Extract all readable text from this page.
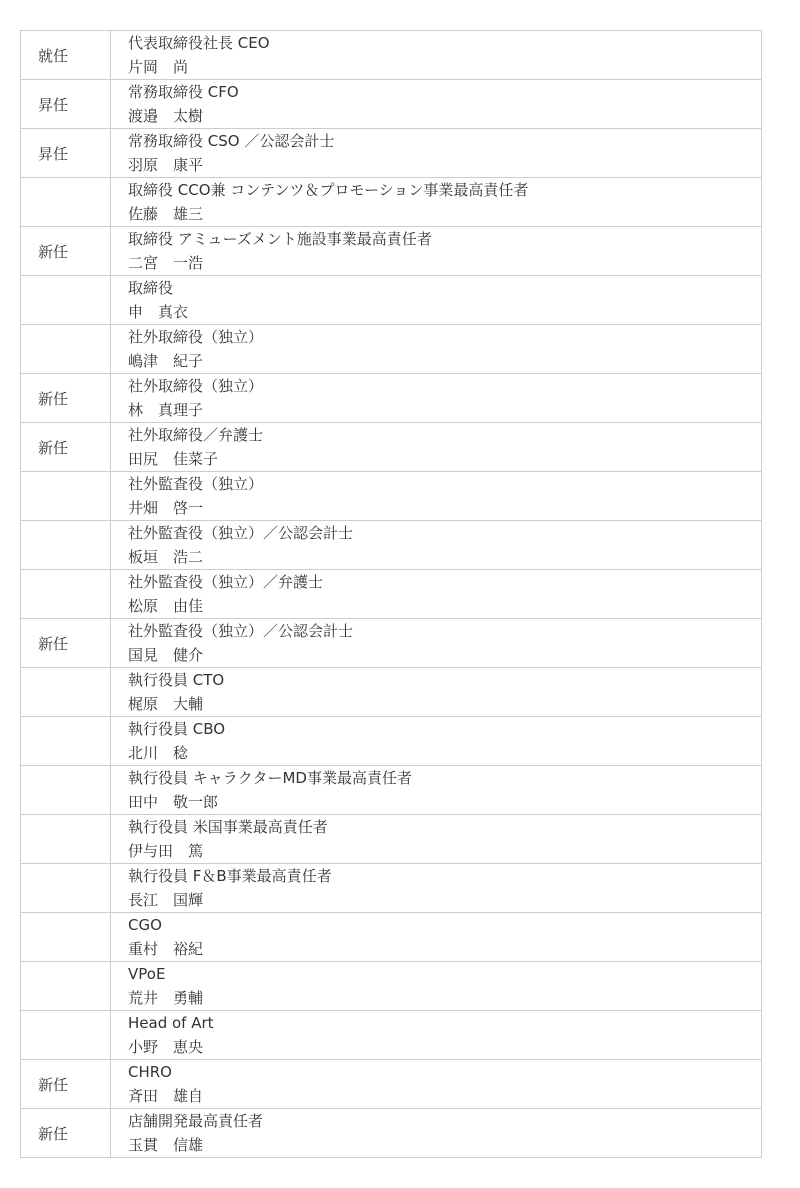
就任	代表取締役社長 CEO
片岡　尚

昇任	常務取締役 CFO
渡邉　太樹

昇任	常務取締役 CSO ／公認会計士
羽原　康平

	取締役 CCO兼 コンテンツ＆プロモーション事業最高責任者
佐藤　雄三

新任	取締役 アミューズメント施設事業最高責任者
二宮　一浩

	取締役
申　真衣

	社外取締役（独立）
嶋津　紀子

新任	社外取締役（独立）
林　真理子

新任	社外取締役／弁護士
田尻　佳菜子

	社外監査役（独立）
井畑　啓一

	社外監査役（独立）／公認会計士
板垣　浩二

	社外監査役（独立）／弁護士
松原　由佳

新任	社外監査役（独立）／公認会計士
国見　健介

	執行役員 CTO
梶原　大輔

	執行役員 CBO
北川　稔

	執行役員 キャラクターMD事業最高責任者
田中　敬一郎

	執行役員 米国事業最高責任者
伊与田　篤

	執行役員 F＆B事業最高責任者
長江　国輝

	CGO
重村　裕紀

	VPoE
荒井　勇輔

	Head of Art
小野　恵央

新任	CHRO
斉田　雄自

新任	店舗開発最高責任者
玉貫　信雄
